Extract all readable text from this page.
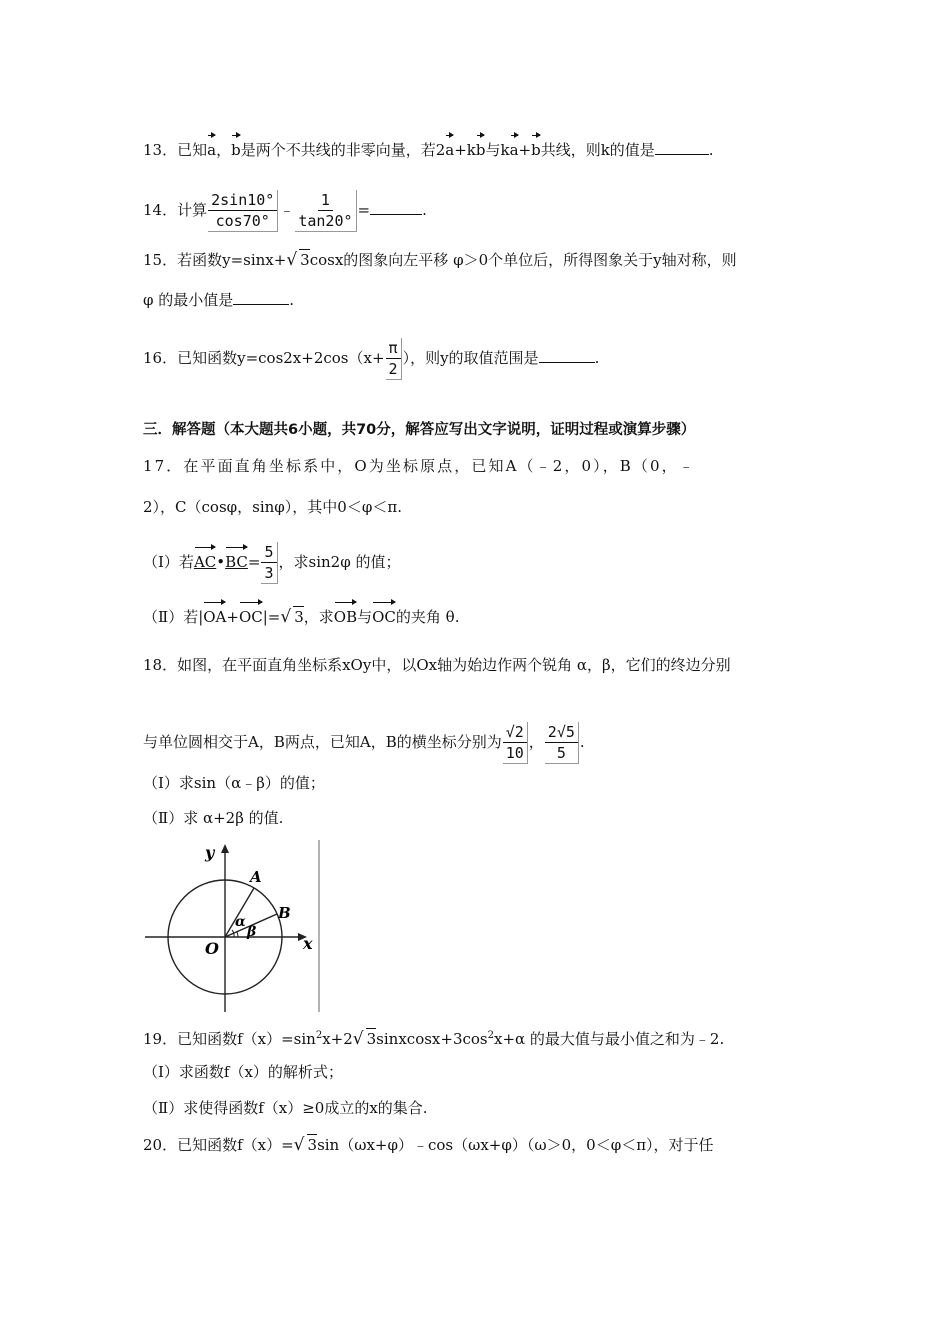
13．已知a，b是两个不共线的非零向量，若2a+kb与ka+b共线，则k的值是	.
14．计算 $\frac{2\sin 10^\circ}{\cos 70^\circ}$ ﹣ $\frac{1}{\tan 20^\circ}$ =	.
15．若函数y=sinx+√ 3cosx的图象向左平移 φ＞0个单位后，所得图象关于y轴对称，则
φ 的最小值是	.
16．已知函数$y=\cos 2x+2\cos(x+ \frac{\pi}{2}$ ），则y的取值范围是	.
三．解答题（本大题共6小题，共70分，解答应写出文字说明，证明过程或演算步骤）
17．在平面直角坐标系中，O为坐标原点，已知A（﹣2，0），B（0，﹣
2），C（cosφ，sinφ），其中0＜φ＜π.
（Ⅰ）若AC•BC= $\frac{5}{3}$ ，求sin2φ 的值；
（Ⅱ）若|OA+OC|=√ 3，求OB与OC的夹角 θ.
18．如图，在平面直角坐标系xOy中，以Ox轴为始边作两个锐角 α，β，它们的终边分别
与单位圆相交于A，B两点，已知A，B的横坐标分别为 $\frac{√2}{10}$ ， $\frac{2√5}{5}$ .
（Ⅰ）求sin（α﹣β）的值；
（Ⅱ）求 α+2β 的值.
y
x
O
A
B
α
β
19．已知函数$f(x)=\sin^2x+2√$ $3sinxcosx+3\cos^2x+\alpha$ 的最大值与最小值之和为﹣2.
（Ⅰ）求函数f（x）的解析式；
（Ⅱ）求使得函数f（x）≥0成立的x的集合.
20．已知函数f（x）=√ 3sin（ωx+φ）﹣cos（ωx+φ）（ω＞0，0＜φ＜π），对于任
